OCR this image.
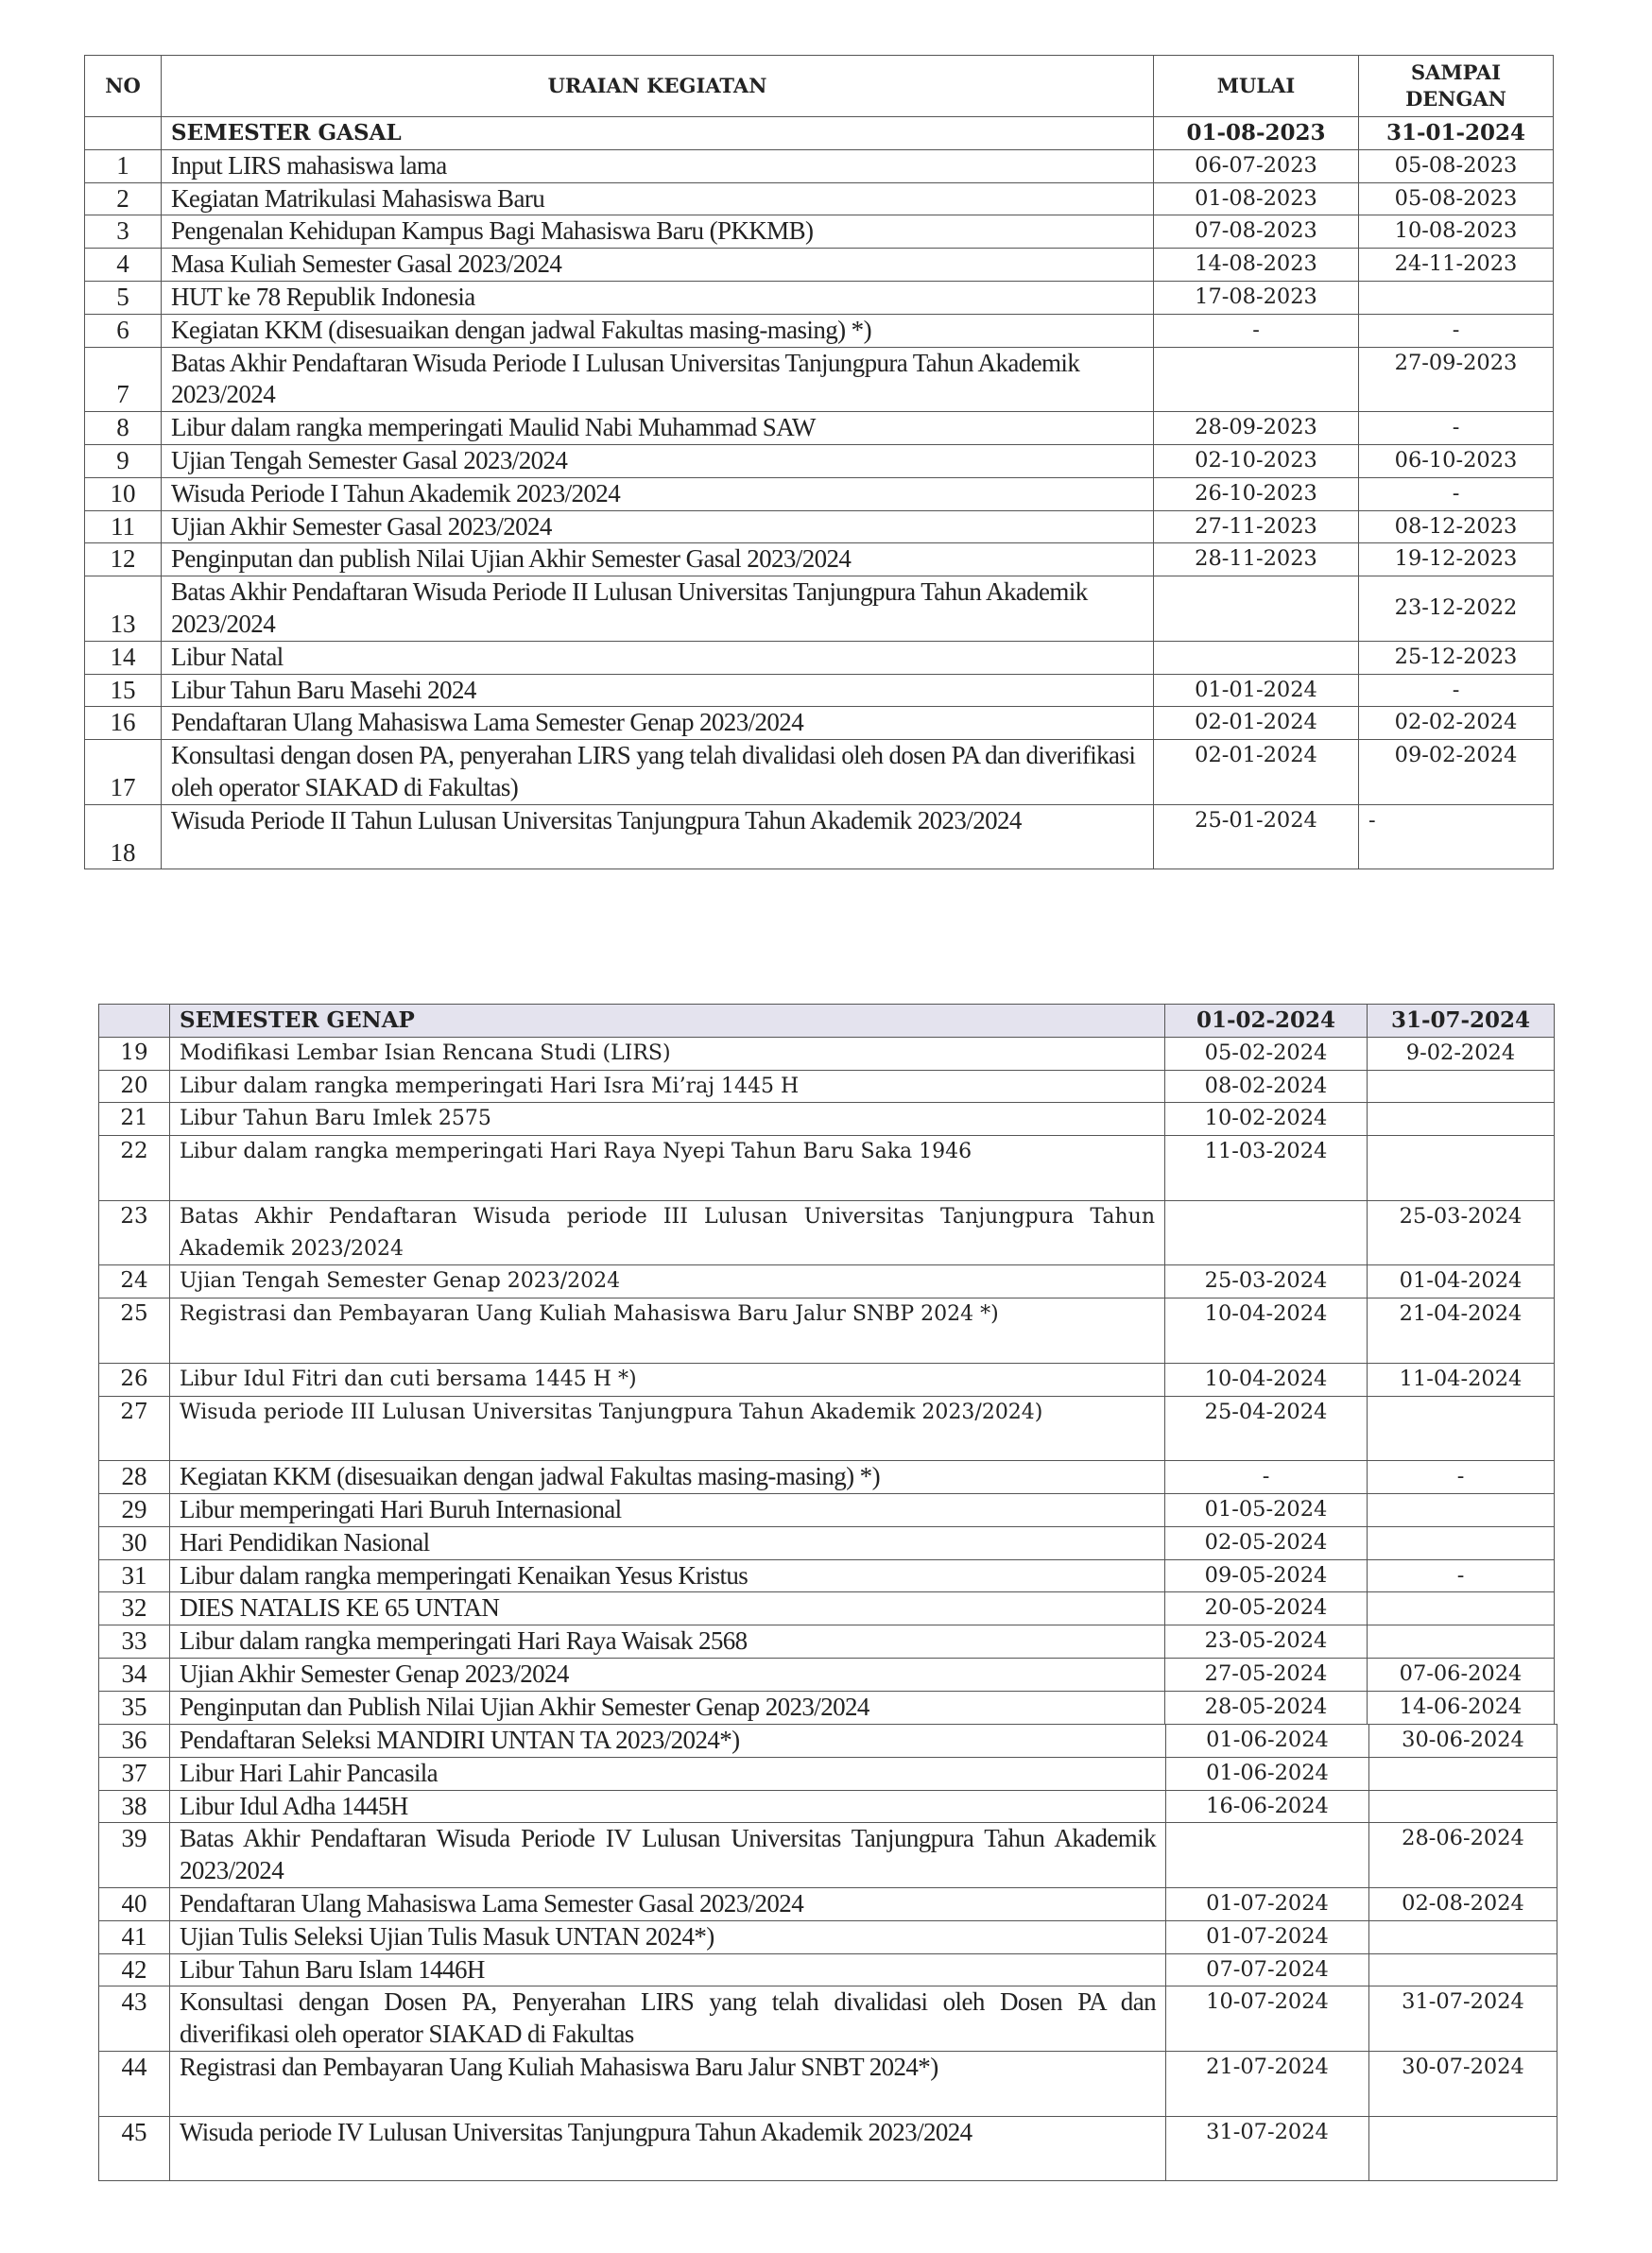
NO	URAIAN KEGIATAN	MULAI	SAMPAI
DENGAN
	SEMESTER GASAL	01-08-2023	31-01-2024
1	Input LIRS mahasiswa lama	06-07-2023	05-08-2023
2	Kegiatan Matrikulasi Mahasiswa Baru	01-08-2023	05-08-2023
3	Pengenalan Kehidupan Kampus Bagi Mahasiswa Baru (PKKMB)	07-08-2023	10-08-2023
4	Masa Kuliah Semester Gasal 2023/2024	14-08-2023	24-11-2023
5	HUT ke 78 Republik Indonesia	17-08-2023	
6	Kegiatan KKM (disesuaikan dengan jadwal Fakultas masing-masing) *)	-	-
7	Batas Akhir Pendaftaran Wisuda Periode I Lulusan Universitas Tanjungpura Tahun Akademik 2023/2024		27-09-2023
8	Libur dalam rangka memperingati Maulid Nabi Muhammad SAW	28-09-2023	-
9	Ujian Tengah Semester Gasal 2023/2024	02-10-2023	06-10-2023
10	Wisuda Periode I Tahun Akademik 2023/2024	26-10-2023	-
11	Ujian Akhir Semester Gasal 2023/2024	27-11-2023	08-12-2023
12	Penginputan dan publish Nilai Ujian Akhir Semester Gasal 2023/2024	28-11-2023	19-12-2023
13	Batas Akhir Pendaftaran Wisuda Periode II Lulusan Universitas Tanjungpura Tahun Akademik 2023/2024		23-12-2022
14	Libur Natal		25-12-2023
15	Libur Tahun Baru Masehi 2024	01-01-2024	-
16	Pendaftaran Ulang Mahasiswa Lama Semester Genap 2023/2024	02-01-2024	02-02-2024
17	Konsultasi dengan dosen PA, penyerahan LIRS yang telah divalidasi oleh dosen PA dan diverifikasi oleh operator SIAKAD di Fakultas)	02-01-2024	09-02-2024
18	Wisuda Periode II Tahun Lulusan Universitas Tanjungpura Tahun Akademik 2023/2024	25-01-2024	-
	SEMESTER GENAP	01-02-2024	31-07-2024
19	Modifikasi Lembar Isian Rencana Studi (LIRS)	05-02-2024	9-02-2024
20	Libur dalam rangka memperingati Hari Isra Mi’raj 1445 H	08-02-2024	
21	Libur Tahun Baru Imlek 2575	10-02-2024	
22	Libur dalam rangka memperingati Hari Raya Nyepi Tahun Baru Saka 1946	11-03-2024	
23	Batas Akhir Pendaftaran Wisuda periode III Lulusan Universitas Tanjungpura Tahun Akademik 2023/2024		25-03-2024
24	Ujian Tengah Semester Genap 2023/2024	25-03-2024	01-04-2024
25	Registrasi dan Pembayaran Uang Kuliah Mahasiswa Baru Jalur SNBP 2024 *)	10-04-2024	21-04-2024
26	Libur Idul Fitri dan cuti bersama 1445 H *)	10-04-2024	11-04-2024
27	Wisuda periode III Lulusan Universitas Tanjungpura Tahun Akademik 2023/2024)	25-04-2024	
28	Kegiatan KKM (disesuaikan dengan jadwal Fakultas masing-masing) *)	-	-
29	Libur memperingati Hari Buruh Internasional	01-05-2024	
30	Hari Pendidikan Nasional	02-05-2024	
31	Libur dalam rangka memperingati Kenaikan Yesus Kristus	09-05-2024	-
32	DIES NATALIS KE 65 UNTAN	20-05-2024	
33	Libur dalam rangka memperingati Hari Raya Waisak 2568	23-05-2024	
34	Ujian Akhir Semester Genap 2023/2024	27-05-2024	07-06-2024
35	Penginputan dan Publish Nilai Ujian Akhir Semester Genap 2023/2024	28-05-2024	14-06-2024
36	Pendaftaran Seleksi MANDIRI UNTAN TA 2023/2024*)	01-06-2024	30-06-2024
37	Libur Hari Lahir Pancasila	01-06-2024	
38	Libur Idul Adha 1445H	16-06-2024	
39	Batas Akhir Pendaftaran Wisuda Periode IV Lulusan Universitas Tanjungpura Tahun Akademik 2023/2024		28-06-2024
40	Pendaftaran Ulang Mahasiswa Lama Semester Gasal 2023/2024	01-07-2024	02-08-2024
41	Ujian Tulis Seleksi Ujian Tulis Masuk UNTAN 2024*)	01-07-2024	
42	Libur Tahun Baru Islam 1446H	07-07-2024	
43	Konsultasi dengan Dosen PA, Penyerahan LIRS yang telah divalidasi oleh Dosen PA dan diverifikasi oleh operator SIAKAD di Fakultas	10-07-2024	31-07-2024
44	Registrasi dan Pembayaran Uang Kuliah Mahasiswa Baru Jalur SNBT 2024*)	21-07-2024	30-07-2024
45	Wisuda periode IV Lulusan Universitas Tanjungpura Tahun Akademik 2023/2024	31-07-2024	
